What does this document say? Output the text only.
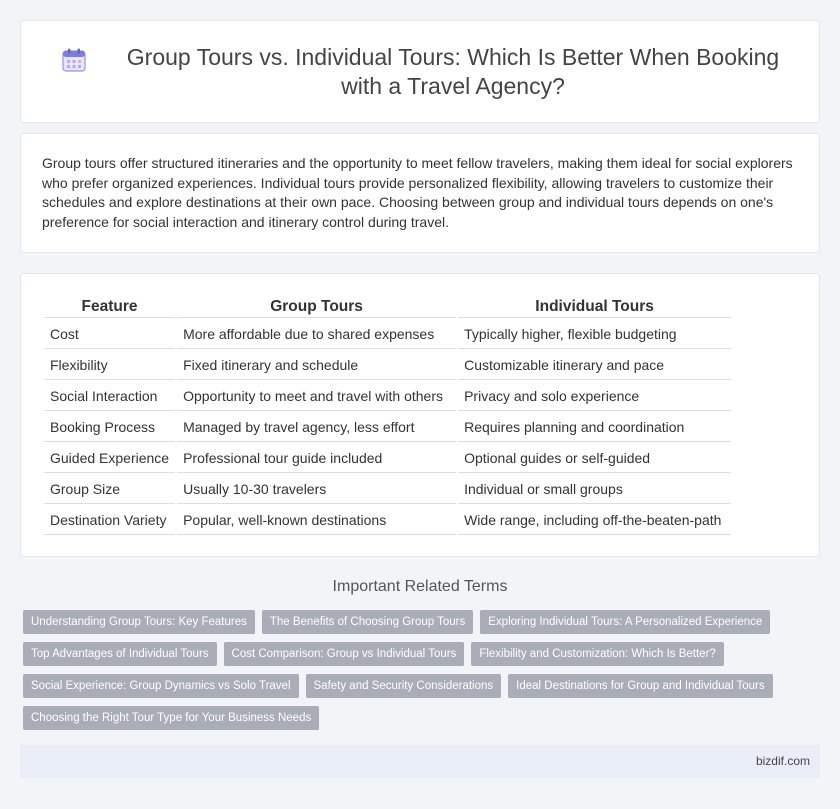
Group Tours vs. Individual Tours: Which Is Better When Booking with a Travel Agency?

Group tours offer structured itineraries and the opportunity to meet fellow travelers, making them ideal for social explorers who prefer organized experiences. Individual tours provide personalized flexibility, allowing travelers to customize their schedules and explore destinations at their own pace. Choosing between group and individual tours depends on one's preference for social interaction and itinerary control during travel.

Feature	Group Tours	Individual Tours
Cost	More affordable due to shared expenses	Typically higher, flexible budgeting
Flexibility	Fixed itinerary and schedule	Customizable itinerary and pace
Social Interaction	Opportunity to meet and travel with others	Privacy and solo experience
Booking Process	Managed by travel agency, less effort	Requires planning and coordination
Guided Experience	Professional tour guide included	Optional guides or self-guided
Group Size	Usually 10-30 travelers	Individual or small groups
Destination Variety	Popular, well-known destinations	Wide range, including off-the-beaten-path
Important Related Terms
Understanding Group Tours: Key Features	The Benefits of Choosing Group Tours	Exploring Individual Tours: A Personalized Experience
Top Advantages of Individual Tours	Cost Comparison: Group vs Individual Tours	Flexibility and Customization: Which Is Better?
Social Experience: Group Dynamics vs Solo Travel	Safety and Security Considerations	Ideal Destinations for Group and Individual Tours
Choosing the Right Tour Type for Your Business Needs
bizdif.com
